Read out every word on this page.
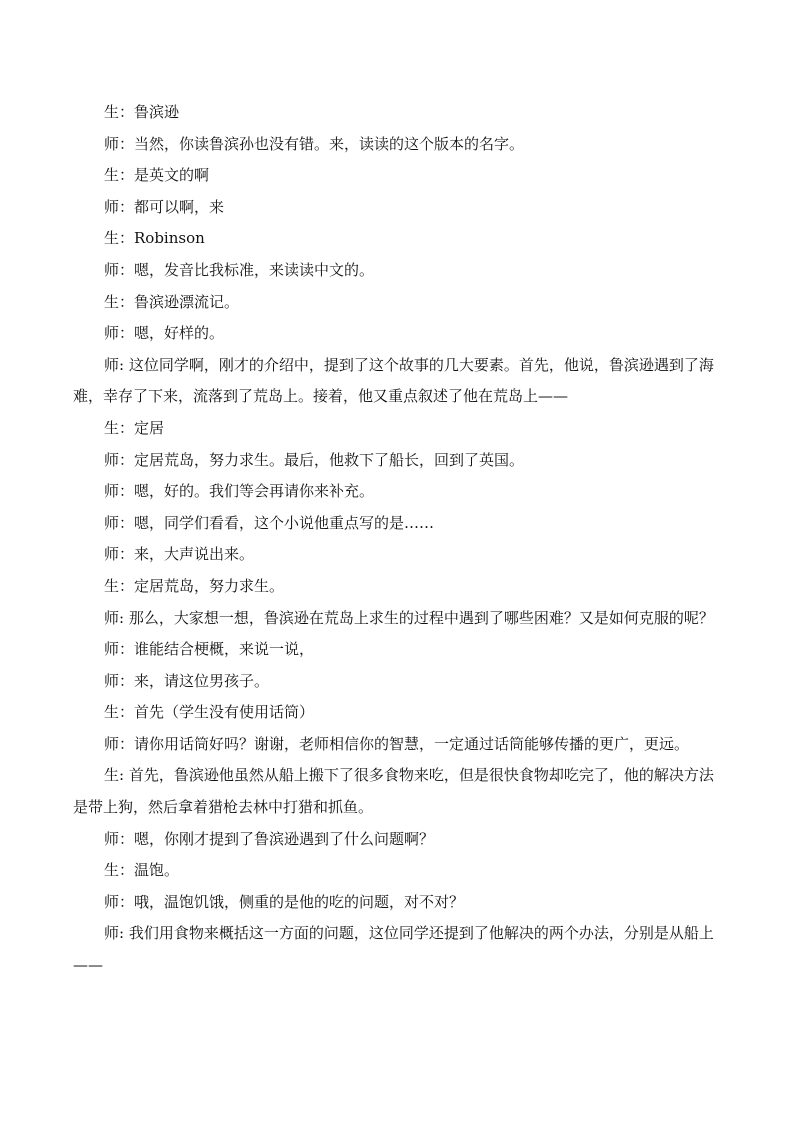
生：鲁滨逊

师：当然，你读鲁滨孙也没有错。来，读读的这个版本的名字。

生：是英文的啊

师：都可以啊，来

生：Robinson

师：嗯，发音比我标准，来读读中文的。

生：鲁滨逊漂流记。

师：嗯，好样的。

师: 这位同学啊，刚才的介绍中，提到了这个故事的几大要素。首先，他说，鲁滨逊遇到了海难，幸存了下来，流落到了荒岛上。接着，他又重点叙述了他在荒岛上——

生：定居

师：定居荒岛，努力求生。最后，他救下了船长，回到了英国。

师：嗯，好的。我们等会再请你来补充。

师：嗯，同学们看看，这个小说他重点写的是……

师：来，大声说出来。

生：定居荒岛，努力求生。

师: 那么，大家想一想，鲁滨逊在荒岛上求生的过程中遇到了哪些困难？又是如何克服的呢？

师：谁能结合梗概，来说一说，

师：来，请这位男孩子。

生：首先（学生没有使用话筒）

师：请你用话筒好吗？谢谢，老师相信你的智慧，一定通过话筒能够传播的更广，更远。

生: 首先，鲁滨逊他虽然从船上搬下了很多食物来吃，但是很快食物却吃完了，他的解决方法是带上狗，然后拿着猎枪去林中打猎和抓鱼。

师：嗯，你刚才提到了鲁滨逊遇到了什么问题啊？

生：温饱。

师：哦，温饱饥饿，侧重的是他的吃的问题，对不对？

师: 我们用食物来概括这一方面的问题，这位同学还提到了他解决的两个办法，分别是从船上——
